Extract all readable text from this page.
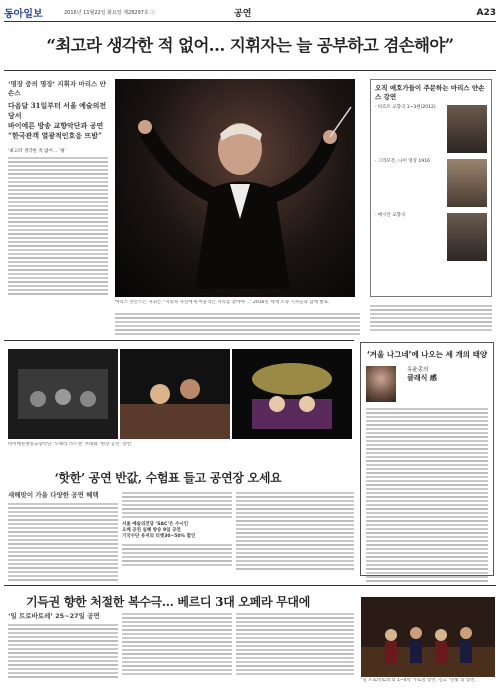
동아일보	2016년 11월22일 화요일 제28297호 ⓒ	공연	A23
“최고라 생각한 적 없어… 지휘자는 늘 공부하고 겸손해야”
‘명장 중의 명장’ 지휘자 마리스 얀손스
다음달 31일부터 서울 예술의전당서
바이에른 방송 교향악단과 공연
“한국관객 열광적인호응 뜨밤”
‘최고라 생각한 적 없어… ’평’
오직 애호가들이 주문하는 마리스 얀손스 강연
· 바흐트 교향곡 1~3편(2012)
· 그라모폰, 나이 영상 1916
· 메시안 교향곡
마리스 얀손스는 지휘는 “지휘자 자신에게 어울리는 자리를 찾아야…” 2016년 세계 소속 기자들과 함께 발표.
바이에른방송교향악단 ‘오페라 카르멘’ 무대와 ‘현장 공연’ 장면.
‘핫한’ 공연 반값, 수험표 들고 공연장 오세요
새해맞이 가을 다양한 공연 혜택
서울 예술의전당 ‘SAC’은 수시인
오페 공연 실혜 방송 9일 공연
기국수단 유저의 티켓30~50% 할인
‘겨울 나그네’에 나오는 세 개의 태양
유윤종의
클래식 感
기득권 향한 처절한 복수극… 베르디 3대 오페라 무대에
‘일 트로바토레’ 25~27일 공연
‘일 트로바토레’의 1~4막 가로질 장면. 길고 ‘달빛’의 장면.
